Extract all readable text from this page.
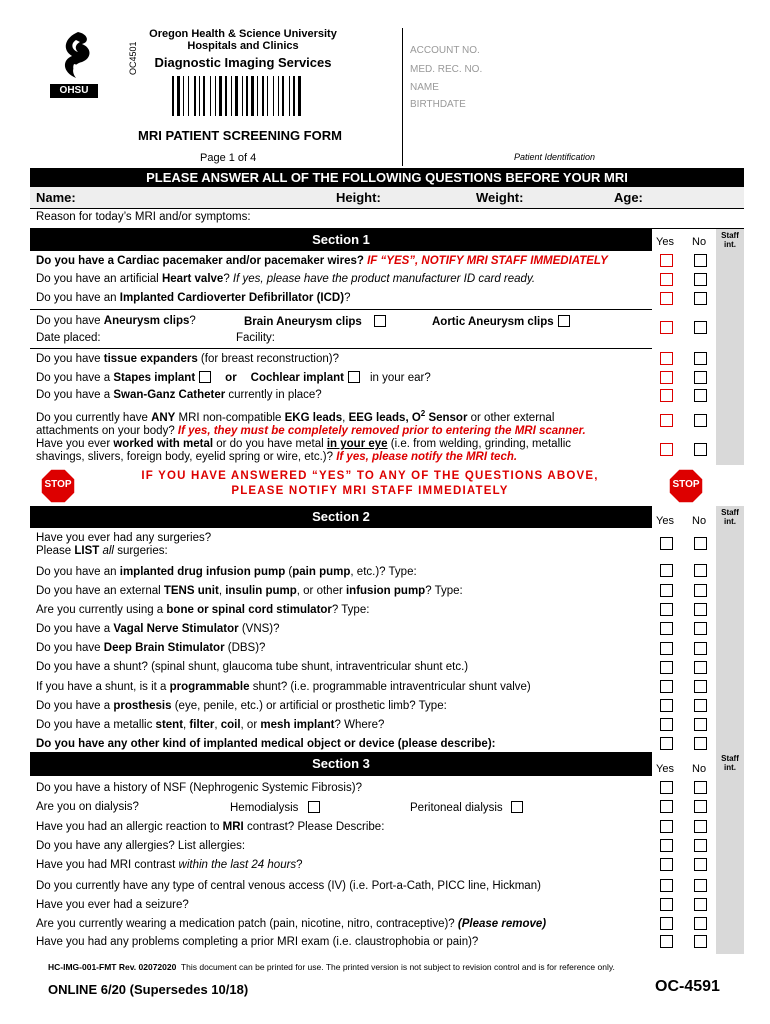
OHSU
OC4501
Oregon Health & Science University
Hospitals and Clinics
Diagnostic Imaging Services
MRI PATIENT SCREENING FORM
Page 1 of 4
ACCOUNT NO.
MED. REC. NO.
NAME
BIRTHDATE
Patient Identification
PLEASE ANSWER ALL OF THE FOLLOWING QUESTIONS BEFORE YOUR MRI
Name:	Height:	Weight:	Age:
Reason for today’s MRI and/or symptoms:
Section 1	Yes No
Staff
int.
Do you have a Cardiac pacemaker and/or pacemaker wires? IF “YES”, NOTIFY MRI STAFF IMMEDIATELY
Do you have an artificial Heart valve? If yes, please have the product manufacturer ID card ready.
Do you have an Implanted Cardioverter Defibrillator (ICD)?
Do you have Aneurysm clips?	Brain Aneurysm clips	Aortic Aneurysm clips
Date placed:	Facility:
Do you have tissue expanders (for breast reconstruction)?
Do you have a Stapes implant	or Cochlear implant in your ear?
Do you have a Swan-Ganz Catheter currently in place?
Do you currently have ANY MRI non-compatible EKG leads, EEG leads, $O^2$ Sensor or other external
attachments on your body? If yes, they must be completely removed prior to entering the MRI scanner.
Have you ever worked with metal or do you have metal in your eye (i.e. from welding, grinding, metallic
shavings, slivers, foreign body, eyelid spring or wire, etc.)? If yes, please notify the MRI tech.
STOP
IF YOU HAVE ANSWERED “YES” TO ANY OF THE QUESTIONS ABOVE,
PLEASE NOTIFY MRI STAFF IMMEDIATELY
STOP
Section 2	Yes No
Staff
int.
Have you ever had any surgeries?
Please LIST all surgeries:
Do you have an implanted drug infusion pump (pain pump, etc.)? Type:
Do you have an external TENS unit, insulin pump, or other infusion pump? Type:
Are you currently using a bone or spinal cord stimulator? Type:
Do you have a Vagal Nerve Stimulator (VNS)?
Do you have Deep Brain Stimulator (DBS)?
Do you have a shunt? (spinal shunt, glaucoma tube shunt, intraventricular shunt etc.)
If you have a shunt, is it a programmable shunt? (i.e. programmable intraventricular shunt valve)
Do you have a prosthesis (eye, penile, etc.) or artificial or prosthetic limb? Type:
Do you have a metallic stent, filter, coil, or mesh implant? Where?
Do you have any other kind of implanted medical object or device (please describe):
Section 3	Yes No
Staff
int.
Do you have a history of NSF (Nephrogenic Systemic Fibrosis)?
Are you on dialysis?	Hemodialysis	Peritoneal dialysis
Have you had an allergic reaction to MRI contrast? Please Describe:
Do you have any allergies? List allergies:
Have you had MRI contrast within the last 24 hours?
Do you currently have any type of central venous access (IV) (i.e. Port-a-Cath, PICC line, Hickman)
Have you ever had a seizure?
Are you currently wearing a medication patch (pain, nicotine, nitro, contraceptive)? (Please remove)
Have you had any problems completing a prior MRI exam (i.e. claustrophobia or pain)?
HC-IMG-001-FMT Rev. 02072020 This document can be printed for use. The printed version is not subject to revision control and is for reference only.
ONLINE 6/20 (Supersedes 10/18)	OC-4591
